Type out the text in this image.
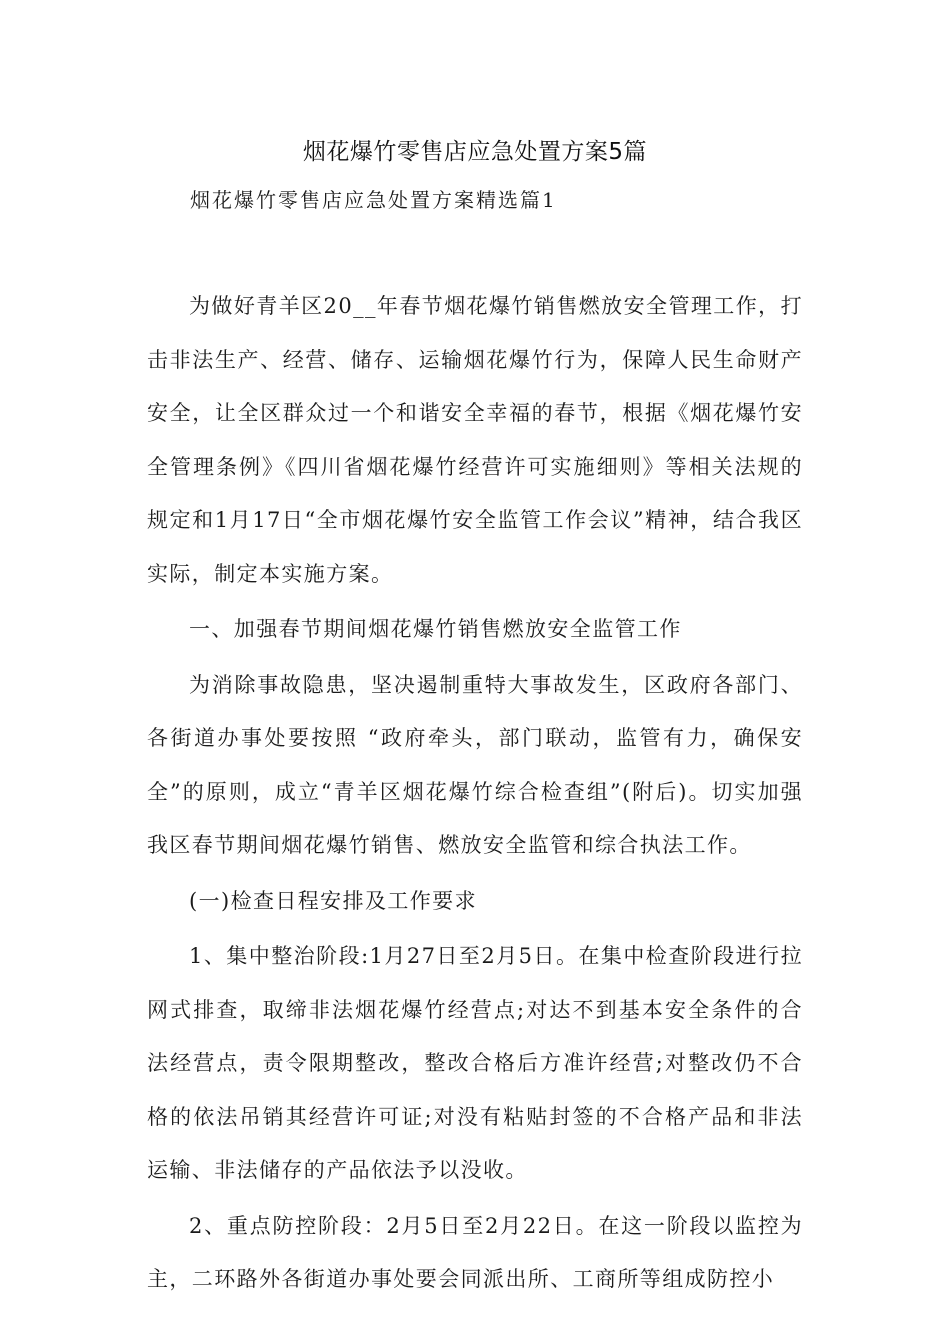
烟花爆竹零售店应急处置方案5篇
烟花爆竹零售店应急处置方案精选篇1

为做好青羊区20__年春节烟花爆竹销售燃放安全管理工作，打击非法生产、经营、储存、运输烟花爆竹行为，保障人民生命财产安全，让全区群众过一个和谐安全幸福的春节，根据《烟花爆竹安全管理条例》《四川省烟花爆竹经营许可实施细则》等相关法规的规定和1月17日“全市烟花爆竹安全监管工作会议”精神，结合我区实际，制定本实施方案。

一、加强春节期间烟花爆竹销售燃放安全监管工作

为消除事故隐患，坚决遏制重特大事故发生，区政府各部门、各街道办事处要按照 “政府牵头，部门联动，监管有力，确保安全”的原则，成立“青羊区烟花爆竹综合检查组”(附后)。切实加强我区春节期间烟花爆竹销售、燃放安全监管和综合执法工作。

(一)检查日程安排及工作要求

1、集中整治阶段:1月27日至2月5日。在集中检查阶段进行拉网式排查，取缔非法烟花爆竹经营点;对达不到基本安全条件的合法经营点，责令限期整改，整改合格后方准许经营;对整改仍不合格的依法吊销其经营许可证;对没有粘贴封签的不合格产品和非法运输、非法储存的产品依法予以没收。

2、重点防控阶段：2月5日至2月22日。在这一阶段以监控为主，二环路外各街道办事处要会同派出所、工商所等组成防控小
